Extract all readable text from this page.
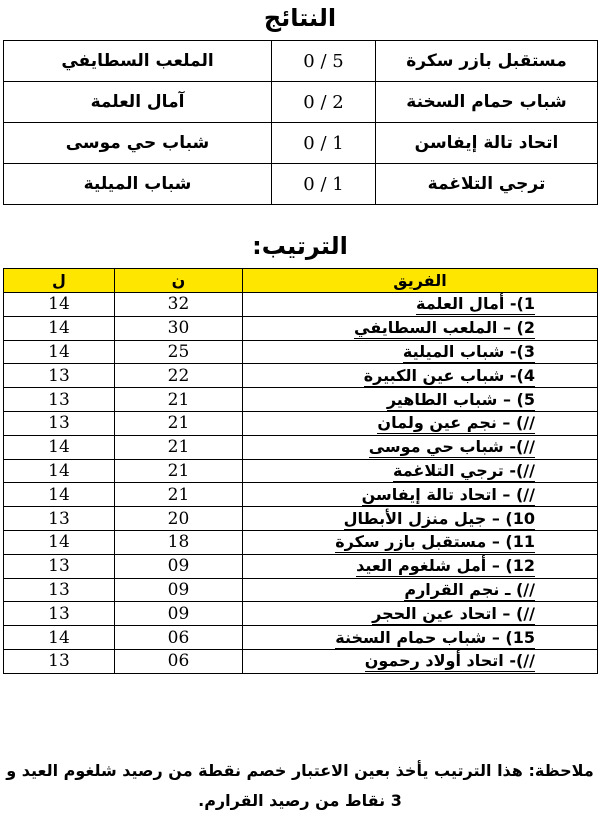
النتائج
الملعب السطايفي	0 / 5	مستقبل بازر سكرة
آمال العلمة	0 / 2	شباب حمام السخنة
شباب حي موسى	0 / 1	اتحاد تالة إيفاسن
شباب الميلية	0 / 1	ترجي التلاغمة
الترتيب:
ل	ن	الفريق
14	32	1)- أمال العلمة
14	30	2) – الملعب السطايفي
14	25	3)- شباب الميلية
13	22	4)- شباب عين الكبيرة
13	21	5) – شباب الطاهير
13	21	//) – نجم عين ولمان
14	21	//)- شباب حي موسى
14	21	//)- ترجي التلاغمة
14	21	//) – اتحاد تالة إيفاسن
13	20	10) – جيل منزل الأبطال
14	18	11) – مستقبل بازر سكرة
13	09	12) – أمل شلغوم العيد
13	09	//) ـ نجم القرارم
13	09	//) – اتحاد عين الحجر
14	06	15) – شباب حمام السخنة
13	06	//)- اتحاد أولاد رحمون
ملاحظة: هذا الترتيب يأخذ بعين الاعتبار خصم نقطة من رصيد شلغوم العيد و 3 نقاط من رصيد القرارم.
